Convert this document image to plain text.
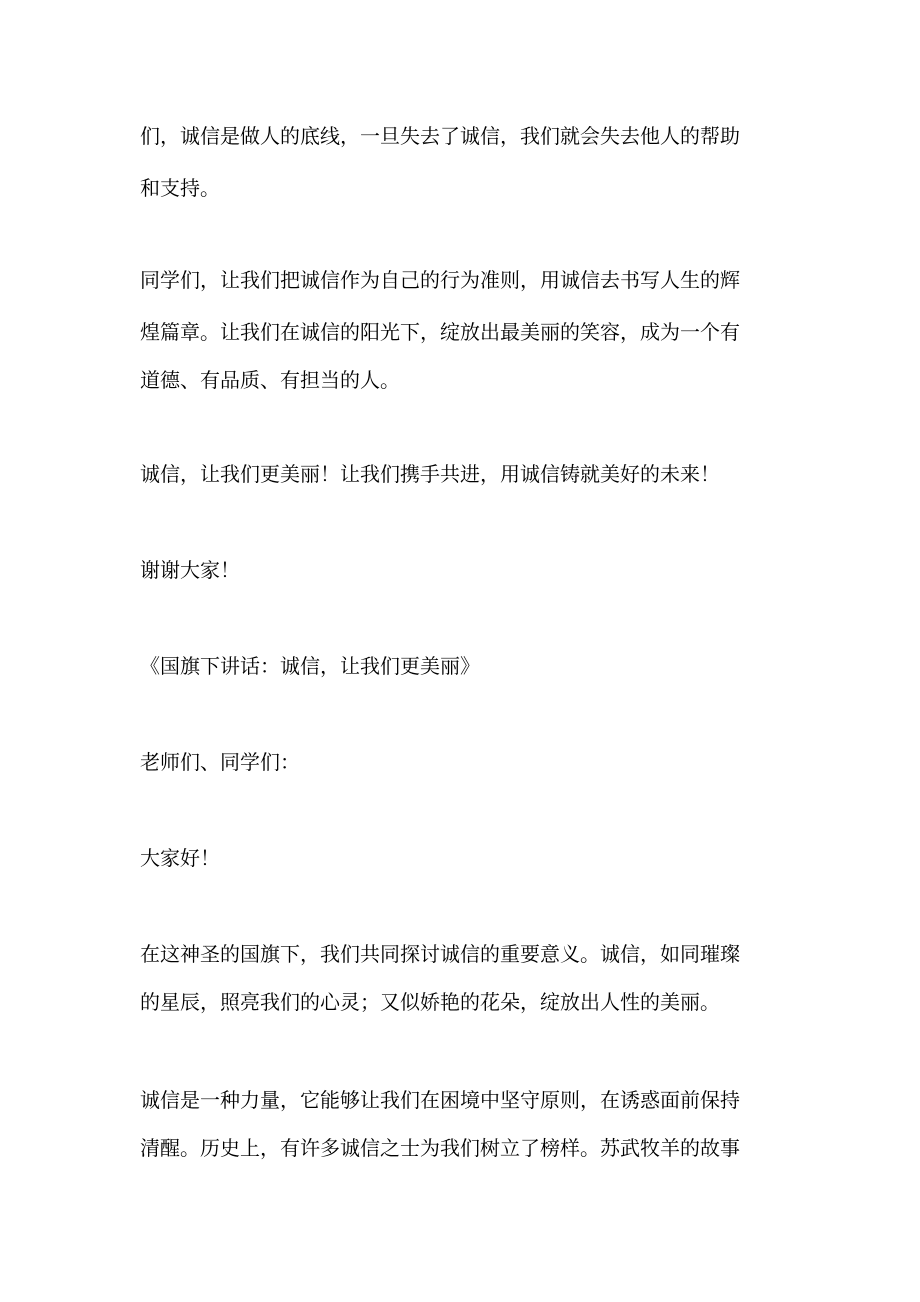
们，诚信是做人的底线，一旦失去了诚信，我们就会失去他人的帮助
和支持。
同学们，让我们把诚信作为自己的行为准则，用诚信去书写人生的辉
煌篇章。让我们在诚信的阳光下，绽放出最美丽的笑容，成为一个有
道德、有品质、有担当的人。
诚信，让我们更美丽！让我们携手共进，用诚信铸就美好的未来！
谢谢大家！
《国旗下讲话：诚信，让我们更美丽》
老师们、同学们：
大家好！
在这神圣的国旗下，我们共同探讨诚信的重要意义。诚信，如同璀璨
的星辰，照亮我们的心灵；又似娇艳的花朵，绽放出人性的美丽。
诚信是一种力量，它能够让我们在困境中坚守原则，在诱惑面前保持
清醒。历史上，有许多诚信之士为我们树立了榜样。苏武牧羊的故事
